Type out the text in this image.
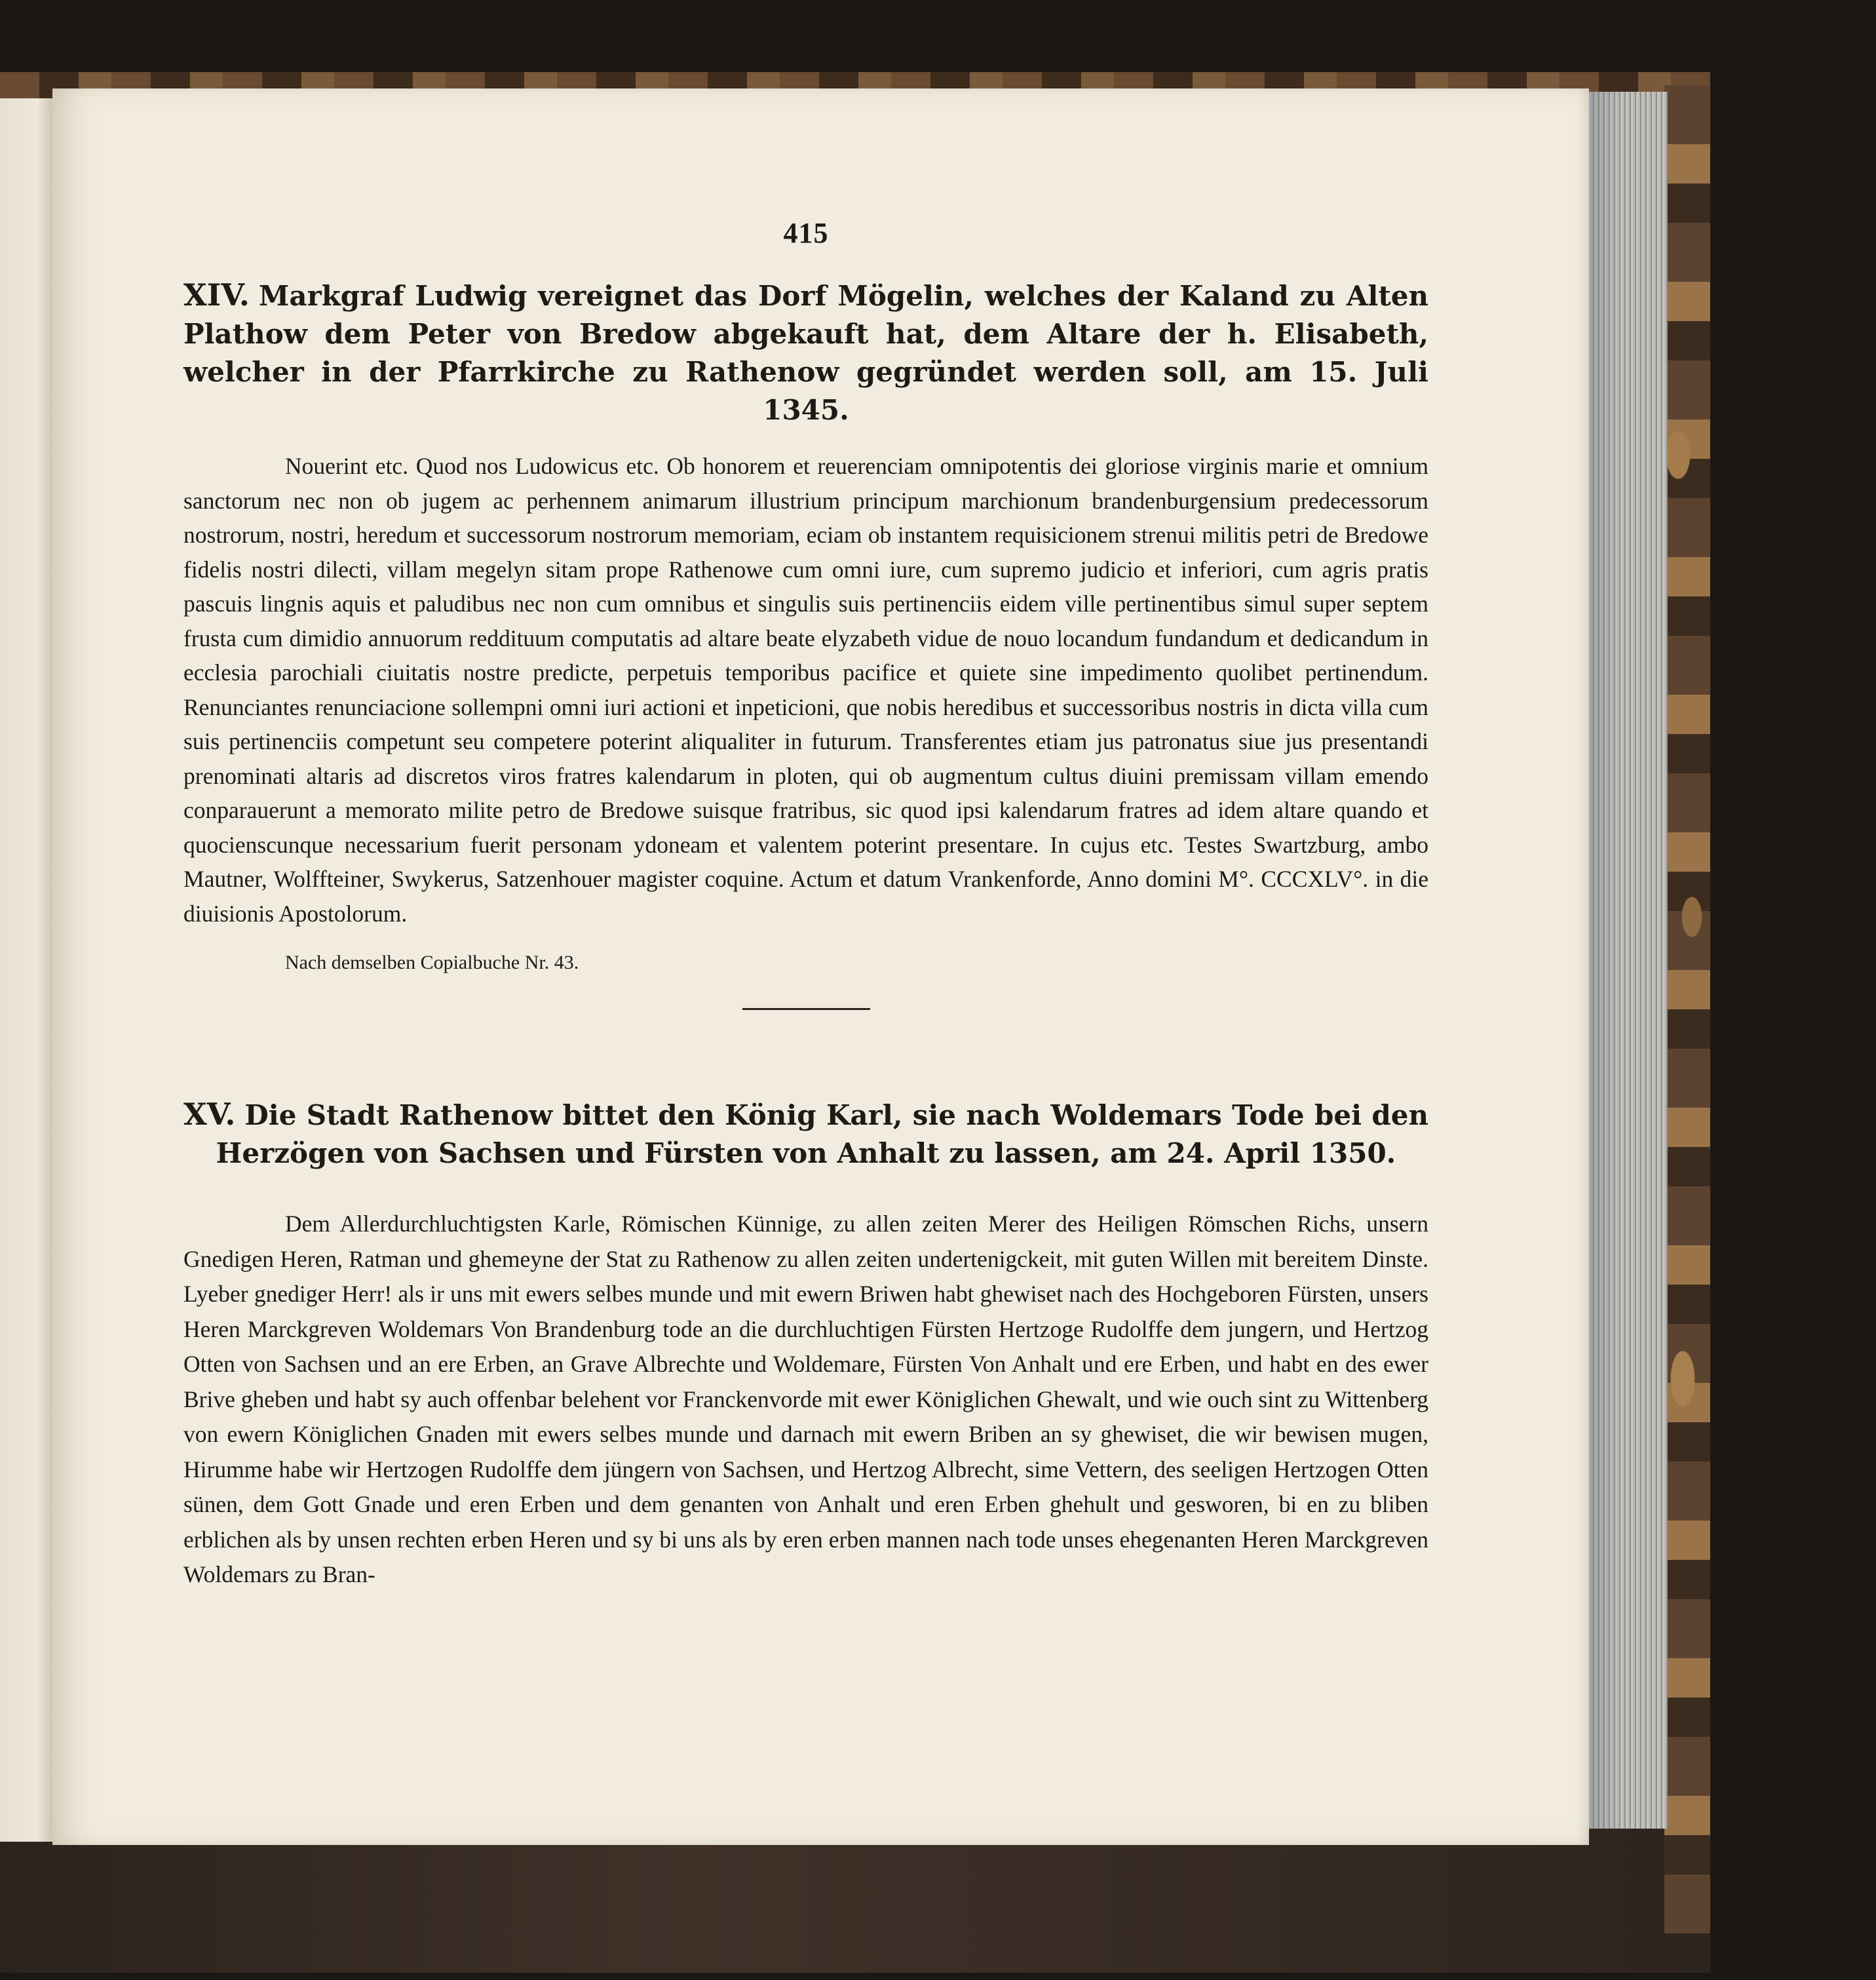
415

XIV. Markgraf Ludwig vereignet das Dorf Mögelin, welches der Kaland zu Alten Plathow dem Peter von Bredow abgekauft hat, dem Altare der h. Elisabeth, welcher in der Pfarrkirche zu Rathenow gegründet werden soll, am 15. Juli 1345.

Nouerint etc. Quod nos Ludowicus etc. Ob honorem et reuerenciam omnipotentis dei gloriose virginis marie et omnium sanctorum nec non ob jugem ac perhennem animarum illustrium principum marchionum brandenburgensium predecessorum nostrorum, nostri, heredum et successorum nostrorum memoriam, eciam ob instantem requisicionem strenui militis petri de Bredowe fidelis nostri dilecti, villam megelyn sitam prope Rathenowe cum omni iure, cum supremo judicio et inferiori, cum agris pratis pascuis lingnis aquis et paludibus nec non cum omnibus et singulis suis pertinenciis eidem ville pertinentibus simul super septem frusta cum dimidio annuorum reddituum computatis ad altare beate elyzabeth vidue de nouo locandum fundandum et dedicandum in ecclesia parochiali ciuitatis nostre predicte, perpetuis temporibus pacifice et quiete sine impedimento quolibet pertinendum. Renunciantes renunciacione sollempni omni iuri actioni et inpeticioni, que nobis heredibus et successoribus nostris in dicta villa cum suis pertinenciis competunt seu competere poterint aliqualiter in futurum. Transferentes etiam jus patronatus siue jus presentandi prenominati altaris ad discretos viros fratres kalendarum in ploten, qui ob augmentum cultus diuini premissam villam emendo conparauerunt a memorato milite petro de Bredowe suisque fratribus, sic quod ipsi kalendarum fratres ad idem altare quando et quocienscunque necessarium fuerit personam ydoneam et valentem poterint presentare. In cujus etc. Testes Swartzburg, ambo Mautner, Wolffteiner, Swykerus, Satzenhouer magister coquine. Actum et datum Vrankenforde, Anno domini M°. CCCXLV°. in die diuisionis Apostolorum.

Nach demselben Copialbuche Nr. 43.

XV. Die Stadt Rathenow bittet den König Karl, sie nach Woldemars Tode bei den Herzögen von Sachsen und Fürsten von Anhalt zu lassen, am 24. April 1350.

Dem Allerdurchluchtigsten Karle, Römischen Künnige, zu allen zeiten Merer des Heiligen Römschen Richs, unsern Gnedigen Heren, Ratman und ghemeyne der Stat zu Rathenow zu allen zeiten undertenigckeit, mit guten Willen mit bereitem Dinste. Lyeber gnediger Herr! als ir uns mit ewers selbes munde und mit ewern Briwen habt ghewiset nach des Hochgeboren Fürsten, unsers Heren Marckgreven Woldemars Von Brandenburg tode an die durchluchtigen Fürsten Hertzoge Rudolffe dem jungern, und Hertzog Otten von Sachsen und an ere Erben, an Grave Albrechte und Woldemare, Fürsten Von Anhalt und ere Erben, und habt en des ewer Brive gheben und habt sy auch offenbar belehent vor Franckenvorde mit ewer Königlichen Ghewalt, und wie ouch sint zu Wittenberg von ewern Königlichen Gnaden mit ewers selbes munde und darnach mit ewern Briben an sy ghewiset, die wir bewisen mugen, Hirumme habe wir Hertzogen Rudolffe dem jüngern von Sachsen, und Hertzog Albrecht, sime Vettern, des seeligen Hertzogen Otten sünen, dem Gott Gnade und eren Erben und dem genanten von Anhalt und eren Erben ghehult und gesworen, bi en zu bliben erblichen als by unsen rechten erben Heren und sy bi uns als by eren erben mannen nach tode unses ehegenanten Heren Marckgreven Woldemars zu Bran-
